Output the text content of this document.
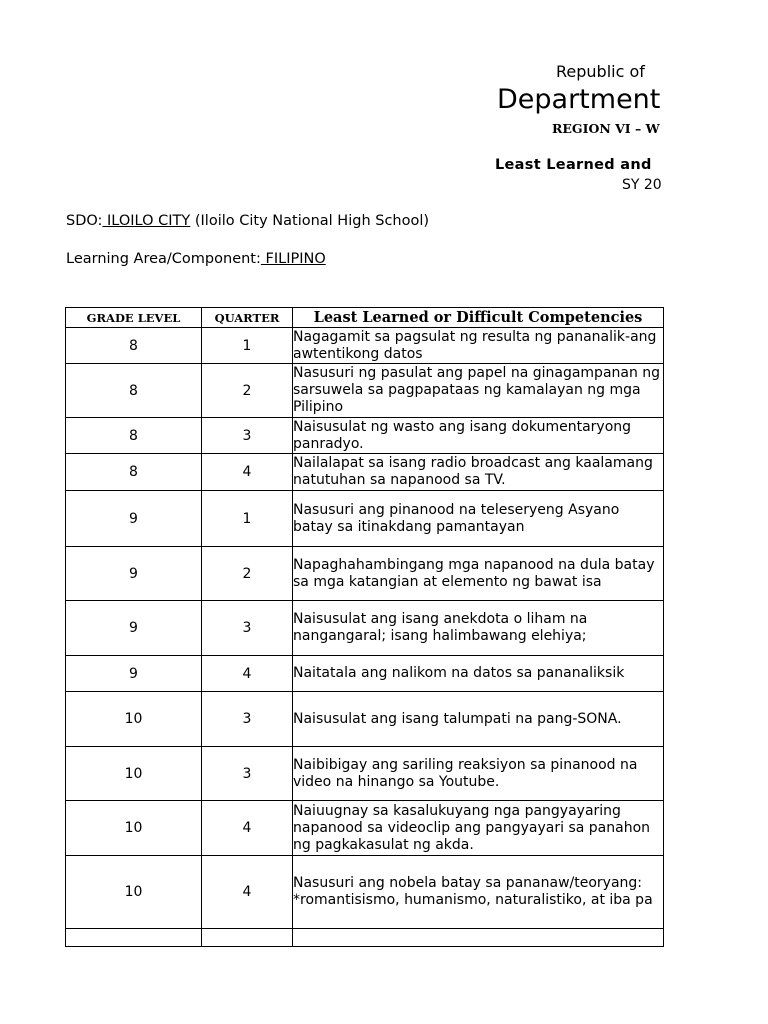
Republic of
Department
REGION VI – W
Least Learned and
SY 20
SDO: ILOILO CITY (Iloilo City National High School)
Learning Area/Component: FILIPINO
GRADE LEVEL	QUARTER	Least Learned or Difficult Competencies
8	1	Nagagamit sa pagsulat ng resulta ng pananalik-ang awtentikong datos
8	2	Nasusuri ng pasulat ang papel na ginagampanan ng sarsuwela sa pagpapataas ng kamalayan ng mga Pilipino
8	3	Naisusulat ng wasto ang isang dokumentaryong panradyo.
8	4	Nailalapat sa isang radio broadcast ang kaalamang natutuhan sa napanood sa TV.
9	1	Nasusuri ang pinanood na teleseryeng Asyano batay sa itinakdang pamantayan
9	2	Napaghahambingang mga napanood na dula batay sa mga katangian at elemento ng bawat isa
9	3	Naisusulat ang isang anekdota o liham na nangangaral; isang halimbawang elehiya;
9	4	Naitatala ang nalikom na datos sa pananaliksik
10	3	Naisusulat ang isang talumpati na pang-SONA.
10	3	Naibibigay ang sariling reaksiyon sa pinanood na video na hinango sa Youtube.
10	4	Naiuugnay sa kasalukuyang nga pangyayaring napanood sa videoclip ang pangyayari sa panahon ng pagkakasulat ng akda.
10	4	Nasusuri ang nobela batay sa pananaw/teoryang: *romantisismo, humanismo, naturalistiko, at iba pa
